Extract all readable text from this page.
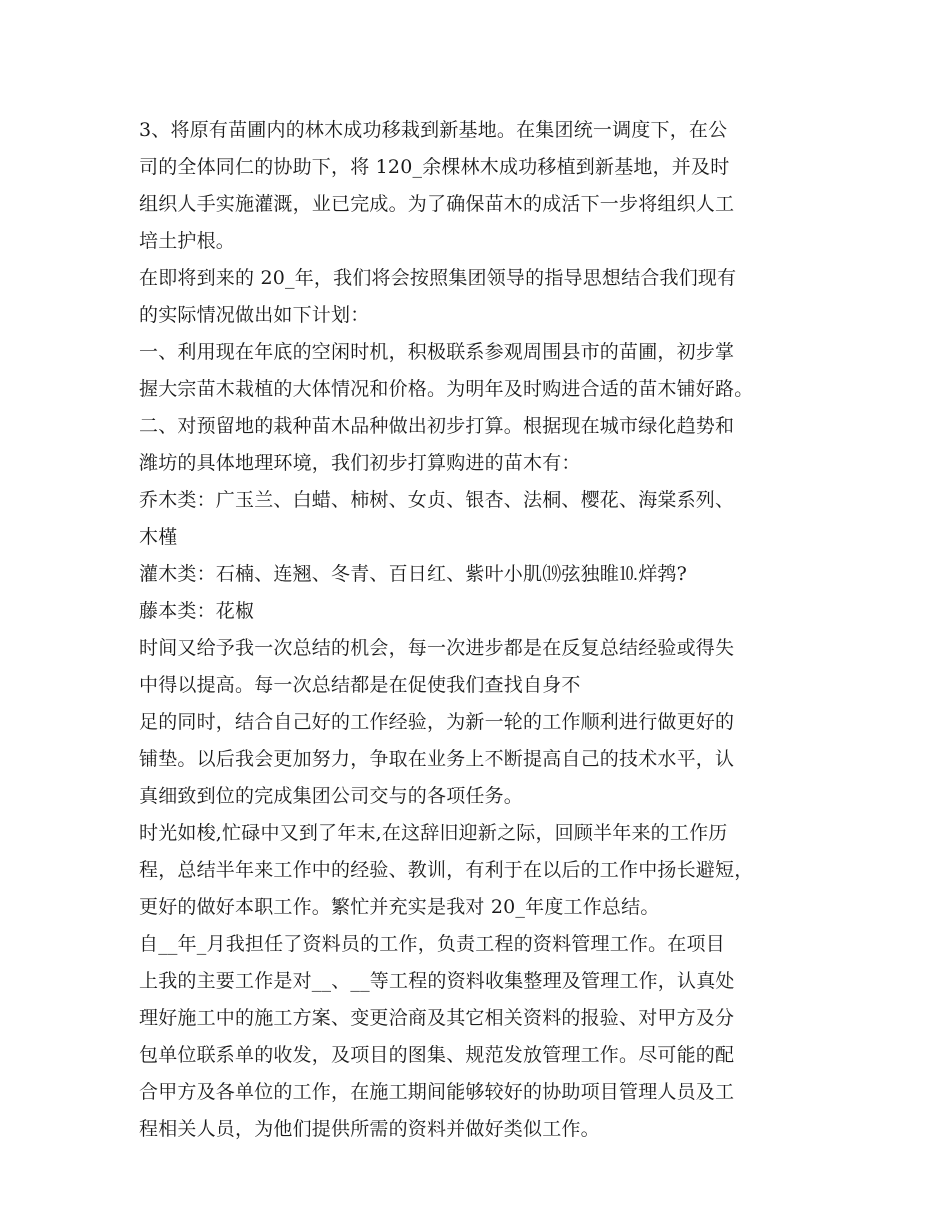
3、将原有苗圃内的林木成功移栽到新基地。在集团统一调度下，在公
司的全体同仁的协助下，将 120_余棵林木成功移植到新基地，并及时
组织人手实施灌溉，业已完成。为了确保苗木的成活下一步将组织人工
培土护根。
在即将到来的 20_年，我们将会按照集团领导的指导思想结合我们现有
的实际情况做出如下计划：
一、利用现在年底的空闲时机，积极联系参观周围县市的苗圃，初步掌
握大宗苗木栽植的大体情况和价格。为明年及时购进合适的苗木铺好路。
二、对预留地的栽种苗木品种做出初步打算。根据现在城市绿化趋势和
潍坊的具体地理环境，我们初步打算购进的苗木有：
乔木类：广玉兰、白蜡、柿树、女贞、银杏、法桐、樱花、海棠系列、
木槿
灌木类：石楠、连翘、冬青、百日红、紫叶小肌⒆弦独睢⒑烊鹁?
藤本类：花椒
时间又给予我一次总结的机会，每一次进步都是在反复总结经验或得失
中得以提高。每一次总结都是在促使我们查找自身不
足的同时，结合自己好的工作经验，为新一轮的工作顺利进行做更好的
铺垫。以后我会更加努力，争取在业务上不断提高自己的技术水平，认
真细致到位的完成集团公司交与的各项任务。
时光如梭,忙碌中又到了年末,在这辞旧迎新之际，回顾半年来的工作历
程，总结半年来工作中的经验、教训，有利于在以后的工作中扬长避短，
更好的做好本职工作。繁忙并充实是我对 20_年度工作总结。
自__年_月我担任了资料员的工作，负责工程的资料管理工作。在项目
上我的主要工作是对__、__等工程的资料收集整理及管理工作，认真处
理好施工中的施工方案、变更洽商及其它相关资料的报验、对甲方及分
包单位联系单的收发，及项目的图集、规范发放管理工作。尽可能的配
合甲方及各单位的工作，在施工期间能够较好的协助项目管理人员及工
程相关人员，为他们提供所需的资料并做好类似工作。
